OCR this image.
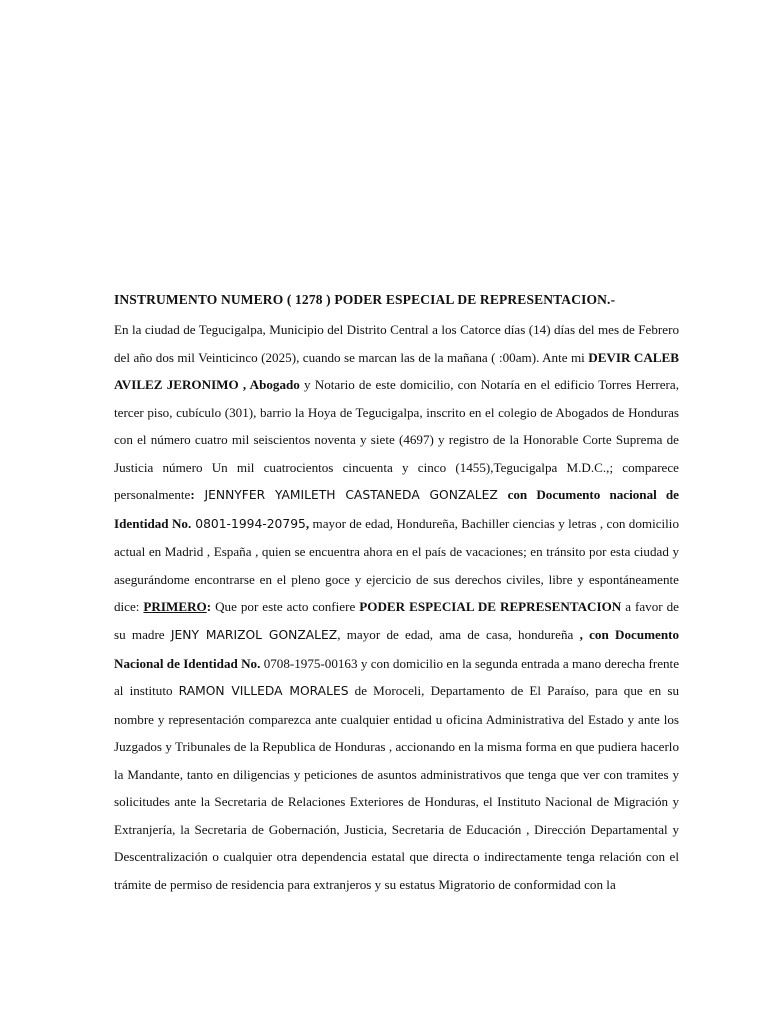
INSTRUMENTO NUMERO ( 1278 ) PODER ESPECIAL DE REPRESENTACION.-

En la ciudad de Tegucigalpa, Municipio del Distrito Central a los Catorce días (14) días del mes de Febrero del año dos mil Veinticinco (2025), cuando se marcan las de la mañana ( :00am). Ante mi DEVIR CALEB AVILEZ JERONIMO , Abogado y Notario de este domicilio, con Notaría en el edificio Torres Herrera, tercer piso, cubículo (301), barrio la Hoya de Tegucigalpa, inscrito en el colegio de Abogados de Honduras con el número cuatro mil seiscientos noventa y siete (4697) y registro de la Honorable Corte Suprema de Justicia número Un mil cuatrocientos cincuenta y cinco (1455),Tegucigalpa M.D.C.,; comparece personalmente: JENNYFER YAMILETH CASTANEDA GONZALEZ con Documento nacional de Identidad No. 0801-1994-20795, mayor de edad, Hondureña, Bachiller ciencias y letras , con domicilio actual en Madrid , España , quien se encuentra ahora en el país de vacaciones; en tránsito por esta ciudad y asegurándome encontrarse en el pleno goce y ejercicio de sus derechos civiles, libre y espontáneamente dice: PRIMERO: Que por este acto confiere PODER ESPECIAL DE REPRESENTACION a favor de su madre JENY MARIZOL GONZALEZ, mayor de edad, ama de casa, hondureña , con Documento Nacional de Identidad No. 0708-1975-00163 y con domicilio en la segunda entrada a mano derecha frente al instituto RAMON VILLEDA MORALES de Moroceli, Departamento de El Paraíso, para que en su nombre y representación comparezca ante cualquier entidad u oficina Administrativa del Estado y ante los Juzgados y Tribunales de la Republica de Honduras , accionando en la misma forma en que pudiera hacerlo la Mandante, tanto en diligencias y peticiones de asuntos administrativos que tenga que ver con tramites y solicitudes ante la Secretaria de Relaciones Exteriores de Honduras, el Instituto Nacional de Migración y Extranjería, la Secretaria de Gobernación, Justicia, Secretaria de Educación , Dirección Departamental y Descentralización o cualquier otra dependencia estatal que directa o indirectamente tenga relación con el trámite de permiso de residencia para extranjeros y su estatus Migratorio de conformidad con la
